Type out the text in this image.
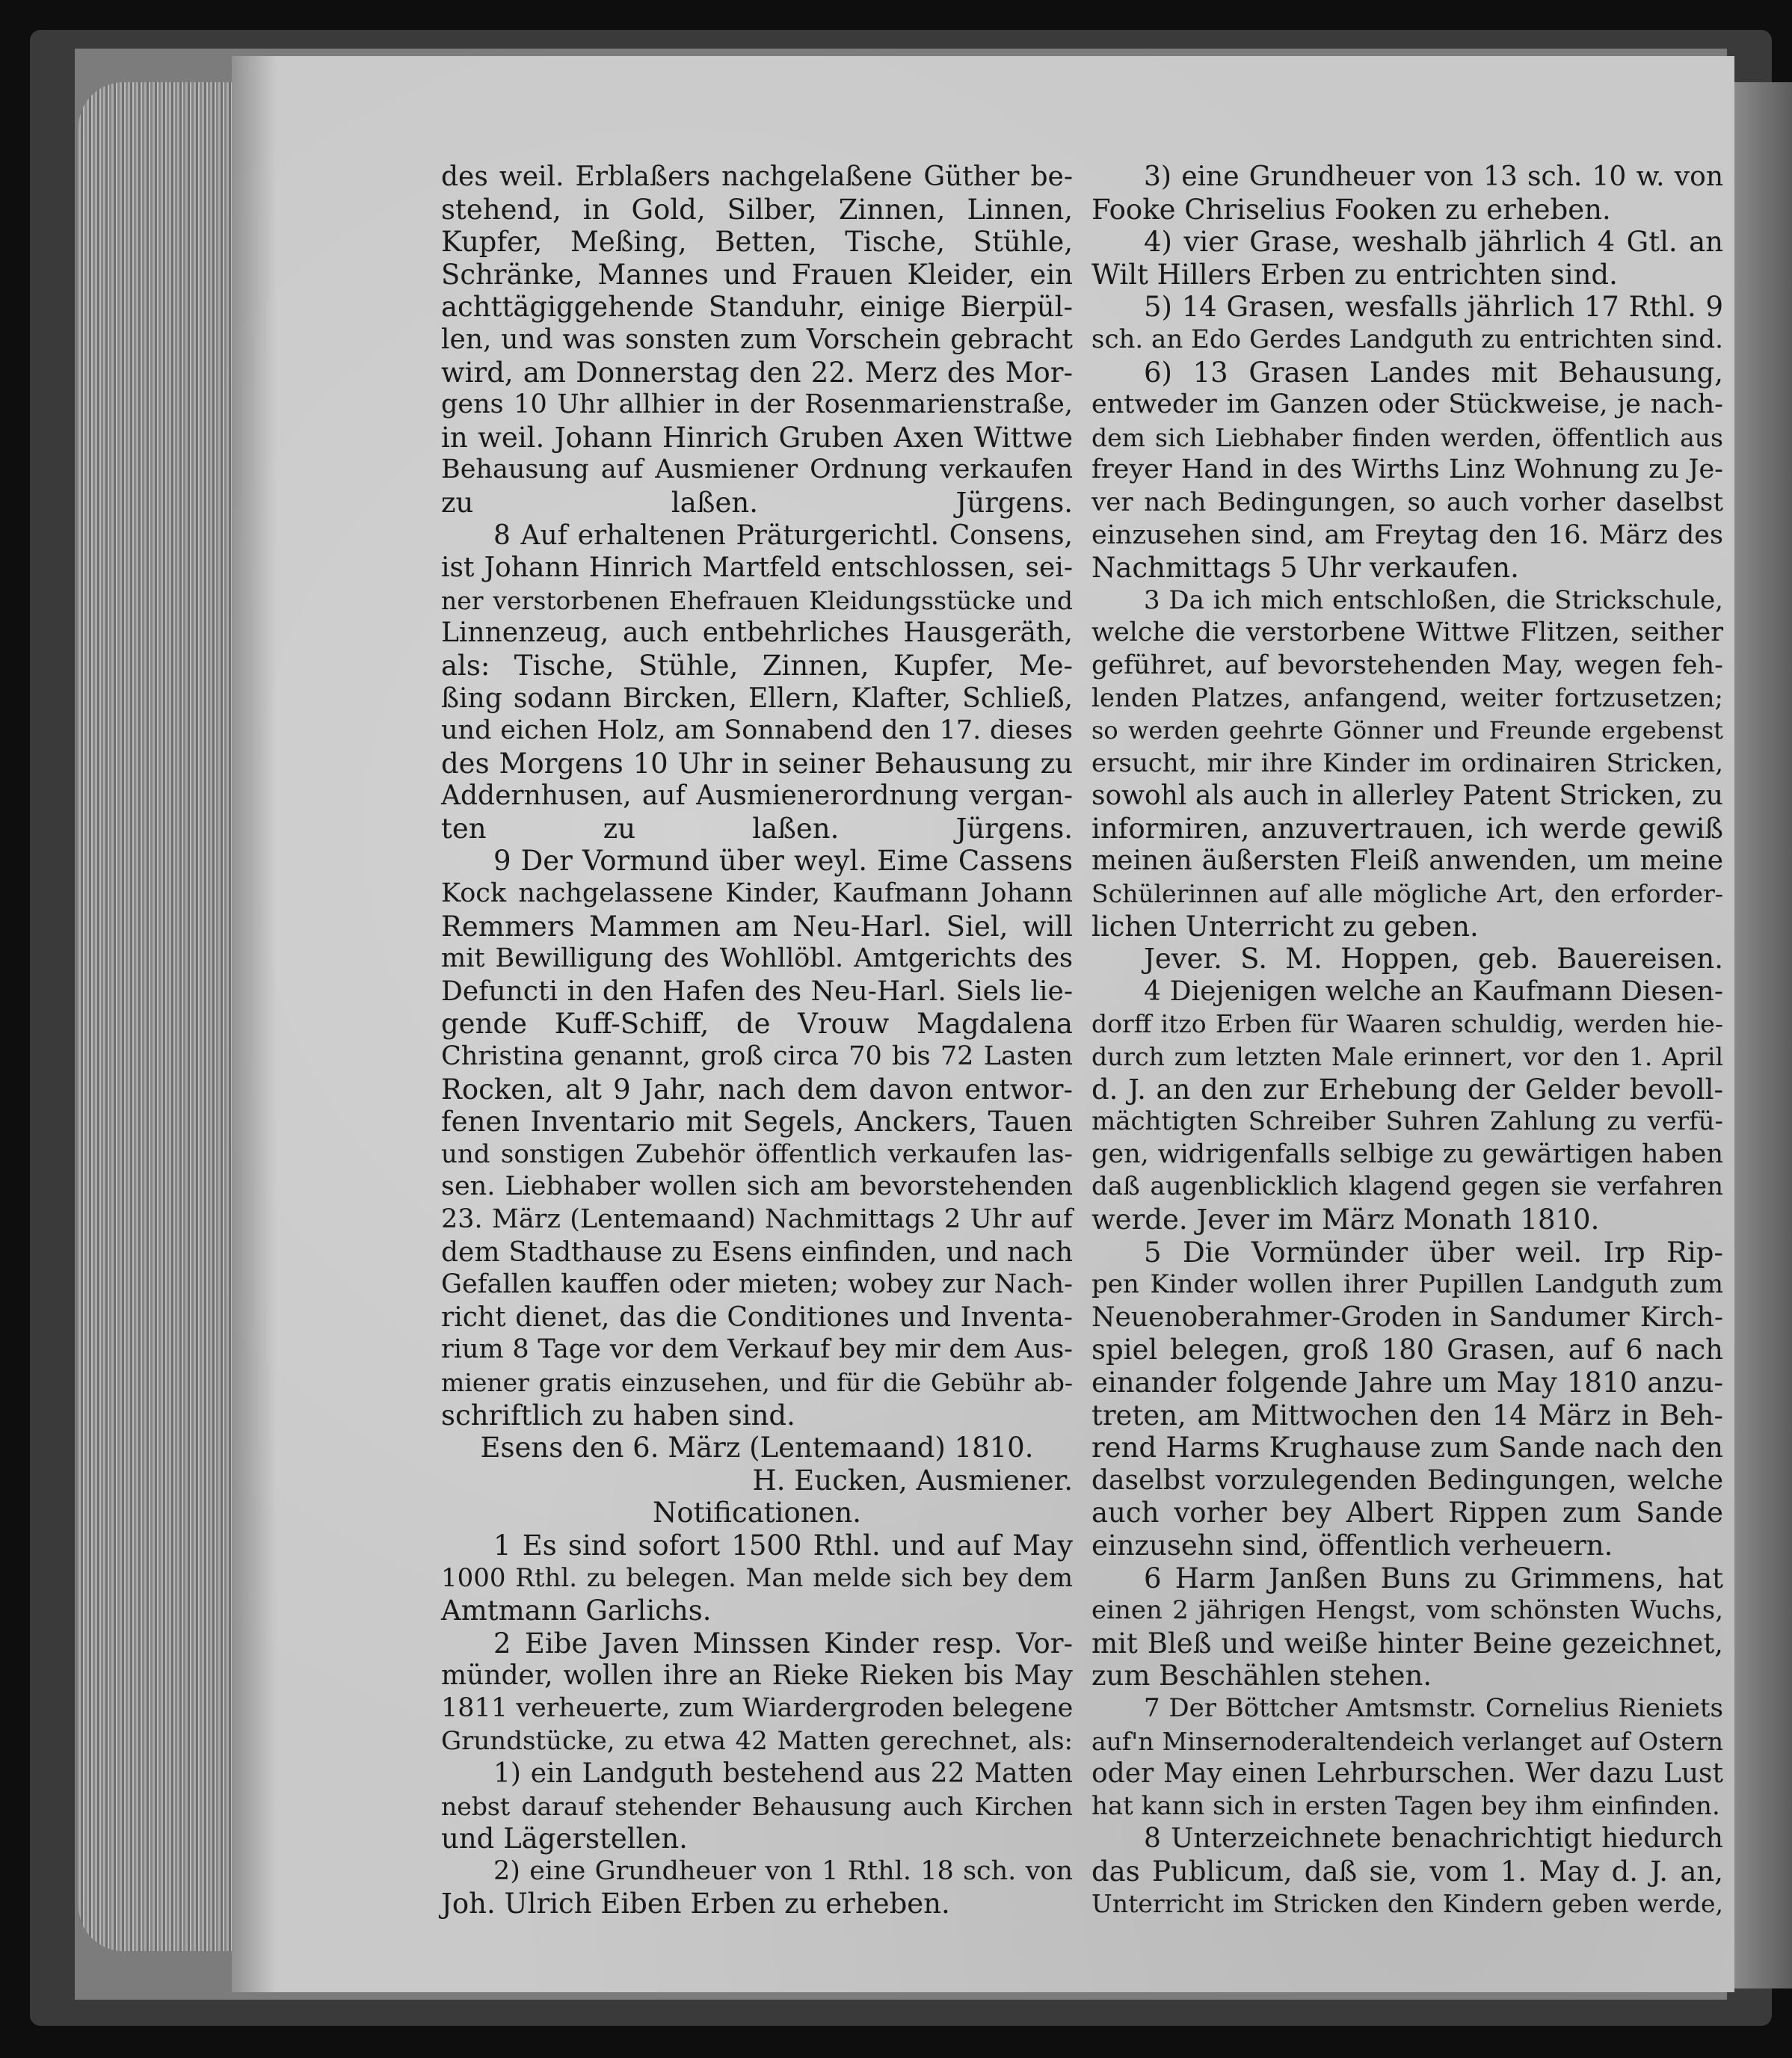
des weil. Erblaßers nachgelaßene Güther be-
stehend, in Gold, Silber, Zinnen, Linnen,
Kupfer, Meßing, Betten, Tische, Stühle,
Schränke, Mannes und Frauen Kleider, ein
achttägiggehende Standuhr, einige Bierpül-
len, und was sonsten zum Vorschein gebracht
wird, am Donnerstag den 22. Merz des Mor-
gens 10 Uhr allhier in der Rosenmarienstraße,
in weil. Johann Hinrich Gruben Axen Wittwe
Behausung auf Ausmiener Ordnung verkaufen
zu laßen. Jürgens.
8 Auf erhaltenen Präturgerichtl. Consens,
ist Johann Hinrich Martfeld entschlossen, sei-
ner verstorbenen Ehefrauen Kleidungsstücke und
Linnenzeug, auch entbehrliches Hausgeräth,
als: Tische, Stühle, Zinnen, Kupfer, Me-
ßing sodann Bircken, Ellern, Klafter, Schließ,
und eichen Holz, am Sonnabend den 17. dieses
des Morgens 10 Uhr in seiner Behausung zu
Addernhusen, auf Ausmienerordnung vergan-
ten zu laßen. Jürgens.
9 Der Vormund über weyl. Eime Cassens
Kock nachgelassene Kinder, Kaufmann Johann
Remmers Mammen am Neu-Harl. Siel, will
mit Bewilligung des Wohllöbl. Amtgerichts des
Defuncti in den Hafen des Neu-Harl. Siels lie-
gende Kuff-Schiff, de Vrouw Magdalena
Christina genannt, groß circa 70 bis 72 Lasten
Rocken, alt 9 Jahr, nach dem davon entwor-
fenen Inventario mit Segels, Anckers, Tauen
und sonstigen Zubehör öffentlich verkaufen las-
sen. Liebhaber wollen sich am bevorstehenden
23. März (Lentemaand) Nachmittags 2 Uhr auf
dem Stadthause zu Esens einfinden, und nach
Gefallen kauffen oder mieten; wobey zur Nach-
richt dienet, das die Conditiones und Inventa-
rium 8 Tage vor dem Verkauf bey mir dem Aus-
miener gratis einzusehen, und für die Gebühr ab-
schriftlich zu haben sind.
Esens den 6. März (Lentemaand) 1810.
H. Eucken, Ausmiener.
Notificationen.
1 Es sind sofort 1500 Rthl. und auf May
1000 Rthl. zu belegen. Man melde sich bey dem
Amtmann Garlichs.
2 Eibe Javen Minssen Kinder resp. Vor-
münder, wollen ihre an Rieke Rieken bis May
1811 verheuerte, zum Wiardergroden belegene
Grundstücke, zu etwa 42 Matten gerechnet, als:
1) ein Landguth bestehend aus 22 Matten
nebst darauf stehender Behausung auch Kirchen
und Lägerstellen.
2) eine Grundheuer von 1 Rthl. 18 sch. von
Joh. Ulrich Eiben Erben zu erheben.
3) eine Grundheuer von 13 sch. 10 w. von
Fooke Chriselius Fooken zu erheben.
4) vier Grase, weshalb jährlich 4 Gtl. an
Wilt Hillers Erben zu entrichten sind.
5) 14 Grasen, wesfalls jährlich 17 Rthl. 9
sch. an Edo Gerdes Landguth zu entrichten sind.
6) 13 Grasen Landes mit Behausung,
entweder im Ganzen oder Stückweise, je nach-
dem sich Liebhaber finden werden, öffentlich aus
freyer Hand in des Wirths Linz Wohnung zu Je-
ver nach Bedingungen, so auch vorher daselbst
einzusehen sind, am Freytag den 16. März des
Nachmittags 5 Uhr verkaufen.
3 Da ich mich entschloßen, die Strickschule,
welche die verstorbene Wittwe Flitzen, seither
geführet, auf bevorstehenden May, wegen feh-
lenden Platzes, anfangend, weiter fortzusetzen;
so werden geehrte Gönner und Freunde ergebenst
ersucht, mir ihre Kinder im ordinairen Stricken,
sowohl als auch in allerley Patent Stricken, zu
informiren, anzuvertrauen, ich werde gewiß
meinen äußersten Fleiß anwenden, um meine
Schülerinnen auf alle mögliche Art, den erforder-
lichen Unterricht zu geben.
Jever. S. M. Hoppen, geb. Bauereisen.
4 Diejenigen welche an Kaufmann Diesen-
dorff itzo Erben für Waaren schuldig, werden hie-
durch zum letzten Male erinnert, vor den 1. April
d. J. an den zur Erhebung der Gelder bevoll-
mächtigten Schreiber Suhren Zahlung zu verfü-
gen, widrigenfalls selbige zu gewärtigen haben
daß augenblicklich klagend gegen sie verfahren
werde. Jever im März Monath 1810.
5 Die Vormünder über weil. Irp Rip-
pen Kinder wollen ihrer Pupillen Landguth zum
Neuenoberahmer-Groden in Sandumer Kirch-
spiel belegen, groß 180 Grasen, auf 6 nach
einander folgende Jahre um May 1810 anzu-
treten, am Mittwochen den 14 März in Beh-
rend Harms Krughause zum Sande nach den
daselbst vorzulegenden Bedingungen, welche
auch vorher bey Albert Rippen zum Sande
einzusehn sind, öffentlich verheuern.
6 Harm Janßen Buns zu Grimmens, hat
einen 2 jährigen Hengst, vom schönsten Wuchs,
mit Bleß und weiße hinter Beine gezeichnet,
zum Beschählen stehen.
7 Der Böttcher Amtsmstr. Cornelius Rieniets
auf'n Minsernoderaltendeich verlanget auf Ostern
oder May einen Lehrburschen. Wer dazu Lust
hat kann sich in ersten Tagen bey ihm einfinden.
8 Unterzeichnete benachrichtigt hiedurch
das Publicum, daß sie, vom 1. May d. J. an,
Unterricht im Stricken den Kindern geben werde,
